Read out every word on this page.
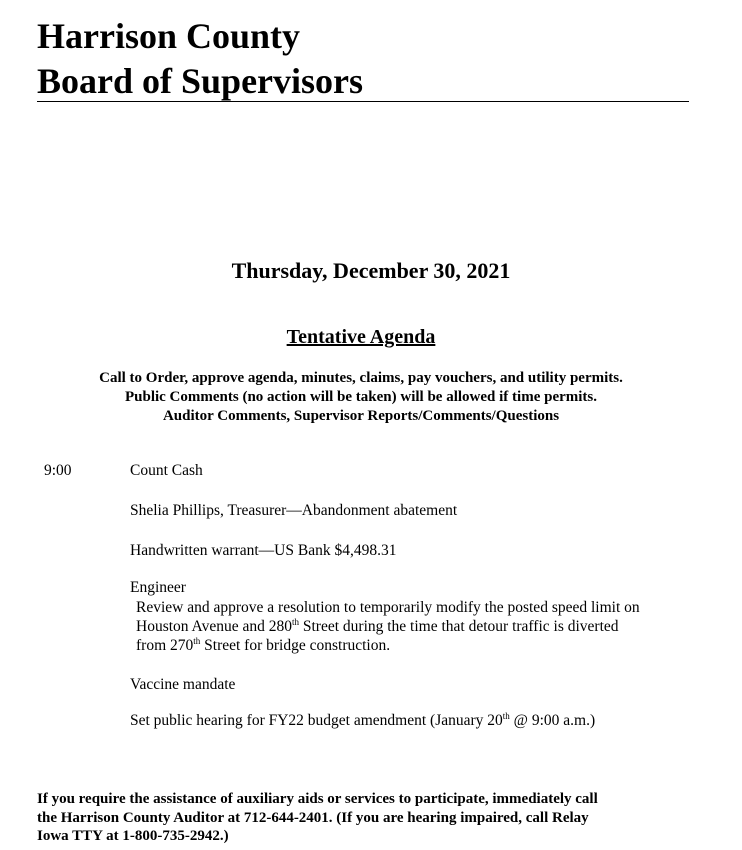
Harrison County
Board of Supervisors
Thursday, December 30, 2021
Tentative Agenda
Call to Order, approve agenda, minutes, claims, pay vouchers, and utility permits.
Public Comments (no action will be taken) will be allowed if time permits.
Auditor Comments, Supervisor Reports/Comments/Questions
9:00	Count Cash
Shelia Phillips, Treasurer—Abandonment abatement
Handwritten warrant—US Bank $4,498.31
Engineer
Review and approve a resolution to temporarily modify the posted speed limit on
Houston Avenue and 280th Street during the time that detour traffic is diverted
from 270th Street for bridge construction.
Vaccine mandate
Set public hearing for FY22 budget amendment (January 20th @ 9:00 a.m.)
If you require the assistance of auxiliary aids or services to participate, immediately call
the Harrison County Auditor at 712-644-2401. (If you are hearing impaired, call Relay
Iowa TTY at 1-800-735-2942.)
